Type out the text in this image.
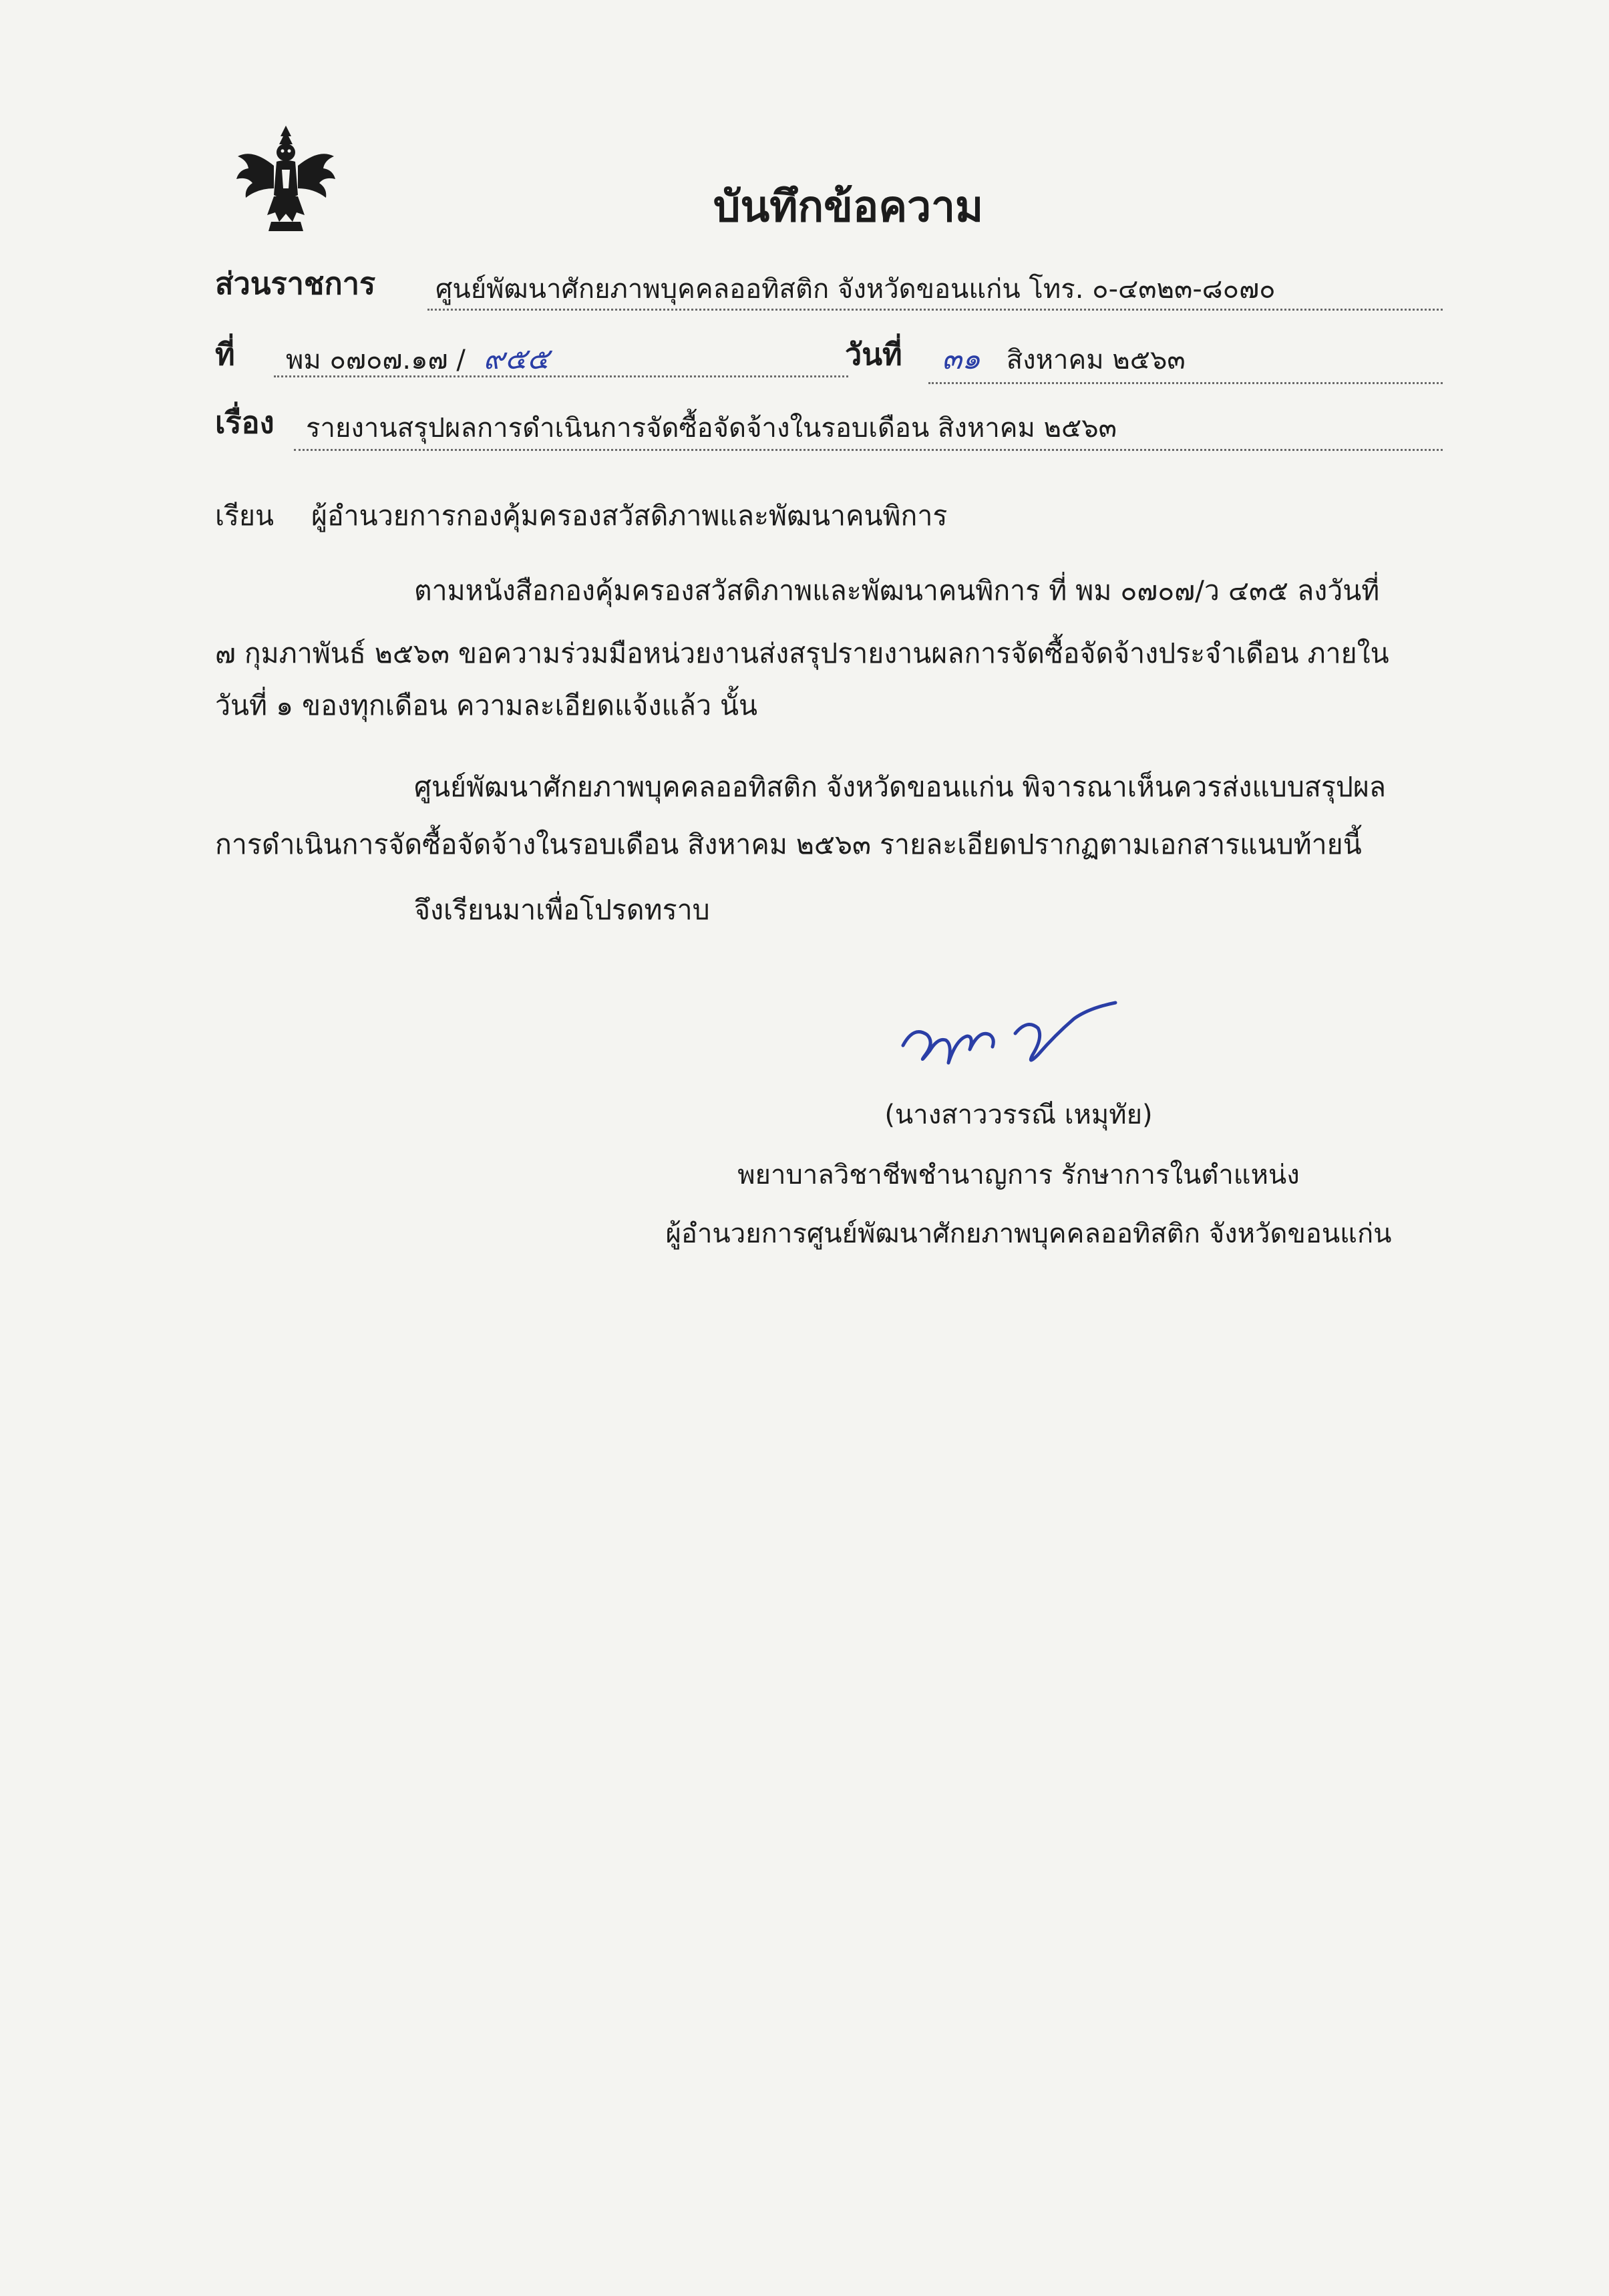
บันทึกข้อความ
ส่วนราชการ ศูนย์พัฒนาศักยภาพบุคคลออทิสติก จังหวัดขอนแก่น โทร. ๐-๔๓๒๓-๘๐๗๐
ที่ พม ๐๗๐๗.๑๗ / ๙๕๕	วันที่ ๓๑ สิงหาคม ๒๕๖๓
เรื่อง รายงานสรุปผลการดำเนินการจัดซื้อจัดจ้างในรอบเดือน สิงหาคม ๒๕๖๓
เรียน ผู้อำนวยการกองคุ้มครองสวัสดิภาพและพัฒนาคนพิการ
ตามหนังสือกองคุ้มครองสวัสดิภาพและพัฒนาคนพิการ ที่ พม ๐๗๐๗/ว ๔๓๕ ลงวันที่
๗ กุมภาพันธ์ ๒๕๖๓ ขอความร่วมมือหน่วยงานส่งสรุปรายงานผลการจัดซื้อจัดจ้างประจำเดือน ภายใน
วันที่ ๑ ของทุกเดือน ความละเอียดแจ้งแล้ว นั้น
ศูนย์พัฒนาศักยภาพบุคคลออทิสติก จังหวัดขอนแก่น พิจารณาเห็นควรส่งแบบสรุปผล
การดำเนินการจัดซื้อจัดจ้างในรอบเดือน สิงหาคม ๒๕๖๓ รายละเอียดปรากฏตามเอกสารแนบท้ายนี้
จึงเรียนมาเพื่อโปรดทราบ
(นางสาววรรณี เหมุทัย)
พยาบาลวิชาชีพชำนาญการ รักษาการในตำแหน่ง
ผู้อำนวยการศูนย์พัฒนาศักยภาพบุคคลออทิสติก จังหวัดขอนแก่น
